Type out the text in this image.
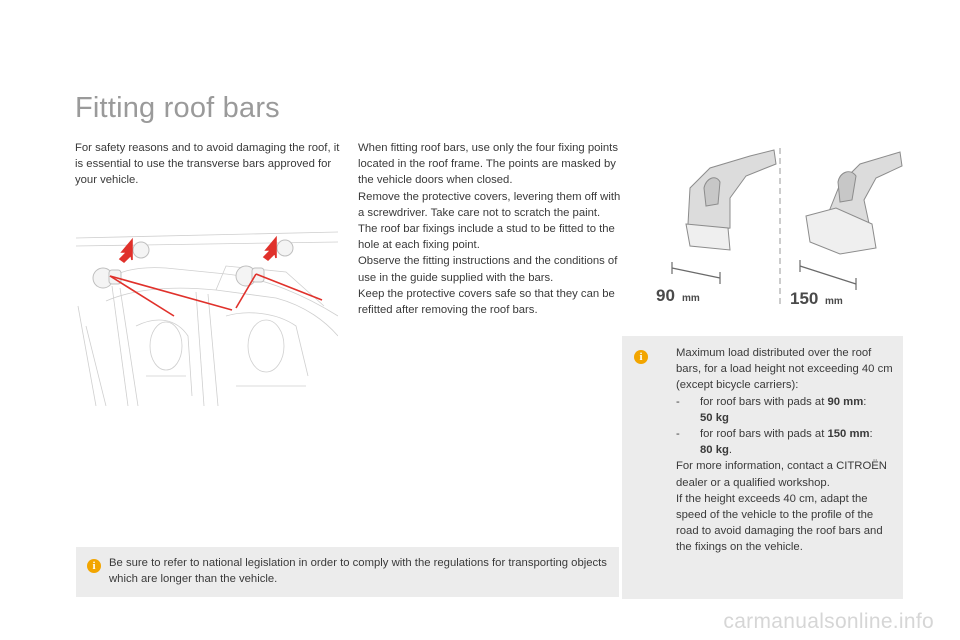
Fitting roof bars

For safety reasons and to avoid damaging the roof, it is essential to use the transverse bars approved for your vehicle.

When fitting roof bars, use only the four fixing points located in the roof frame. The points are masked by the vehicle doors when closed.
Remove the protective covers, levering them off with a screwdriver. Take care not to scratch the paint.
The roof bar fixings include a stud to be fitted to the hole at each fixing point.
Observe the fitting instructions and the conditions of use in the guide supplied with the bars.
Keep the protective covers safe so that they can be refitted after removing the roof bars.
90 mm	150 mm
i	Be sure to refer to national legislation in order to comply with the regulations for transporting objects which are longer than the vehicle.
i	Maximum load distributed over the roof bars, for a load height not exceeding 40 cm (except bicycle carriers):
- for roof bars with pads at 90 mm:
50 kg
- for roof bars with pads at 150 mm:
80 kg.
For more information, contact a CITROËN dealer or a qualified workshop.
If the height exceeds 40 cm, adapt the speed of the vehicle to the profile of the road to avoid damaging the roof bars and the fixings on the vehicle.
carmanualsonline.info
